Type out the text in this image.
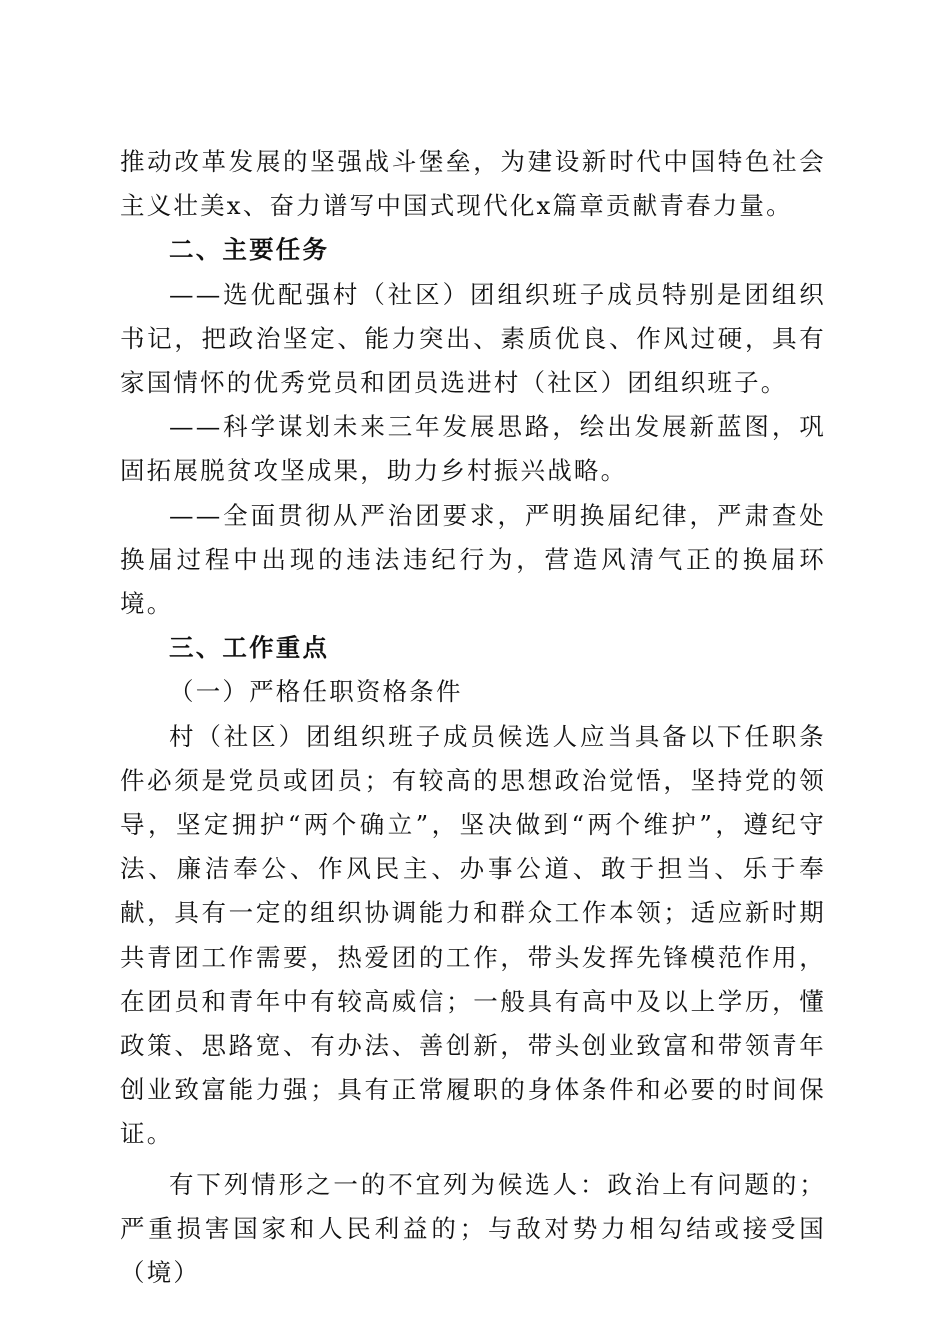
推动改革发展的坚强战斗堡垒，为建设新时代中国特色社会主义壮美x、奋力谱写中国式现代化x篇章贡献青春力量。

二、主要任务

——选优配强村（社区）团组织班子成员特别是团组织书记，把政治坚定、能力突出、素质优良、作风过硬，具有家国情怀的优秀党员和团员选进村（社区）团组织班子。

——科学谋划未来三年发展思路，绘出发展新蓝图，巩固拓展脱贫攻坚成果，助力乡村振兴战略。

——全面贯彻从严治团要求，严明换届纪律，严肃查处换届过程中出现的违法违纪行为，营造风清气正的换届环境。

三、工作重点

（一）严格任职资格条件

村（社区）团组织班子成员候选人应当具备以下任职条件必须是党员或团员；有较高的思想政治觉悟，坚持党的领导，坚定拥护“两个确立”，坚决做到“两个维护”，遵纪守法、廉洁奉公、作风民主、办事公道、敢于担当、乐于奉献，具有一定的组织协调能力和群众工作本领；适应新时期共青团工作需要，热爱团的工作，带头发挥先锋模范作用，在团员和青年中有较高威信；一般具有高中及以上学历，懂政策、思路宽、有办法、善创新，带头创业致富和带领青年创业致富能力强；具有正常履职的身体条件和必要的时间保证。

有下列情形之一的不宜列为候选人：政治上有问题的；严重损害国家和人民利益的；与敌对势力相勾结或接受国（境）
